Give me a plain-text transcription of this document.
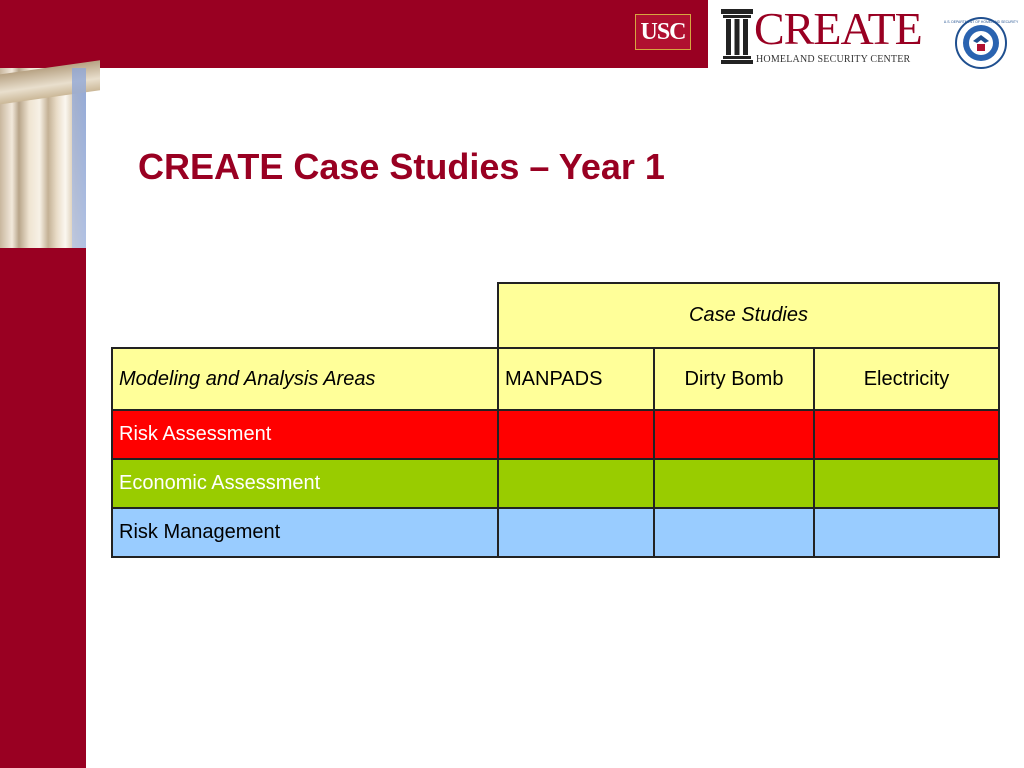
USC CREATE
HOMELAND SECURITY CENTER
U.S. DEPARTMENT OF HOMELAND SECURITY
CREATE Case Studies – Year 1
	Case Studies		
Modeling and Analysis Areas	MANPADS	Dirty Bomb	Electricity
Risk Assessment			
Economic Assessment			
Risk Management			
